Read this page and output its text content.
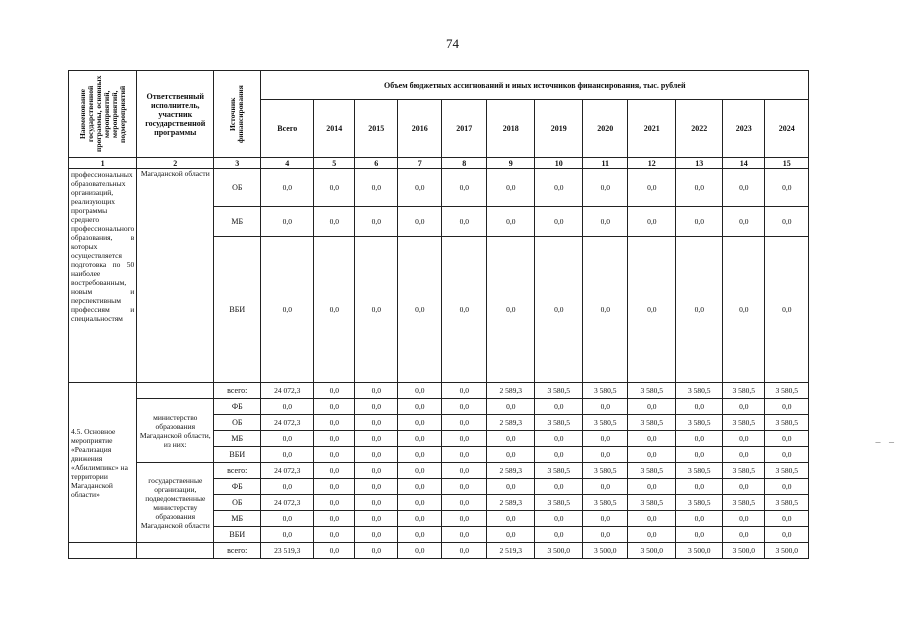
74
Наименование государственной программы, основных мероприятий, мероприятий, подмероприятий	Ответственный исполнитель, участник государственной программы	Источник финансирования	Объем бюджетных ассигнований и иных источников финансирования, тыс. рублей											
			Всего	2014	2015	2016	2017	2018	2019	2020	2021	2022	2023	2024
1	2	3	4	5	6	7	8	9	10	11	12	13	14	15
профессиональных образовательных организаций, реализующих программы среднего профессионального образования, в которых осуществляется подготовка по 50 наиболее востребованным, новым и перспективным профессиям и специальностям	Магаданской области	ОБ	0,0	0,0	0,0	0,0	0,0	0,0	0,0	0,0	0,0	0,0	0,0	0,0
		МБ	0,0	0,0	0,0	0,0	0,0	0,0	0,0	0,0	0,0	0,0	0,0	0,0
		ВБИ	0,0	0,0	0,0	0,0	0,0	0,0	0,0	0,0	0,0	0,0	0,0	0,0
4.5. Основное мероприятие «Реализация движения «Абилимпикс» на территории Магаданской области»		всего:	24 072,3	0,0	0,0	0,0	0,0	2 589,3	3 580,5	3 580,5	3 580,5	3 580,5	3 580,5	3 580,5
	министерство образования Магаданской области, из них:	ФБ	0,0	0,0	0,0	0,0	0,0	0,0	0,0	0,0	0,0	0,0	0,0	0,0
		ОБ	24 072,3	0,0	0,0	0,0	0,0	2 589,3	3 580,5	3 580,5	3 580,5	3 580,5	3 580,5	3 580,5
		МБ	0,0	0,0	0,0	0,0	0,0	0,0	0,0	0,0	0,0	0,0	0,0	0,0
		ВБИ	0,0	0,0	0,0	0,0	0,0	0,0	0,0	0,0	0,0	0,0	0,0	0,0
	государственные организации, подведомственные министерству образования Магаданской области	всего:	24 072,3	0,0	0,0	0,0	0,0	2 589,3	3 580,5	3 580,5	3 580,5	3 580,5	3 580,5	3 580,5
		ФБ	0,0	0,0	0,0	0,0	0,0	0,0	0,0	0,0	0,0	0,0	0,0	0,0
		ОБ	24 072,3	0,0	0,0	0,0	0,0	2 589,3	3 580,5	3 580,5	3 580,5	3 580,5	3 580,5	3 580,5
		МБ	0,0	0,0	0,0	0,0	0,0	0,0	0,0	0,0	0,0	0,0	0,0	0,0
		ВБИ	0,0	0,0	0,0	0,0	0,0	0,0	0,0	0,0	0,0	0,0	0,0	0,0
		всего:	23 519,3	0,0	0,0	0,0	0,0	2 519,3	3 500,0	3 500,0	3 500,0	3 500,0	3 500,0	3 500,0
‒ ‒
